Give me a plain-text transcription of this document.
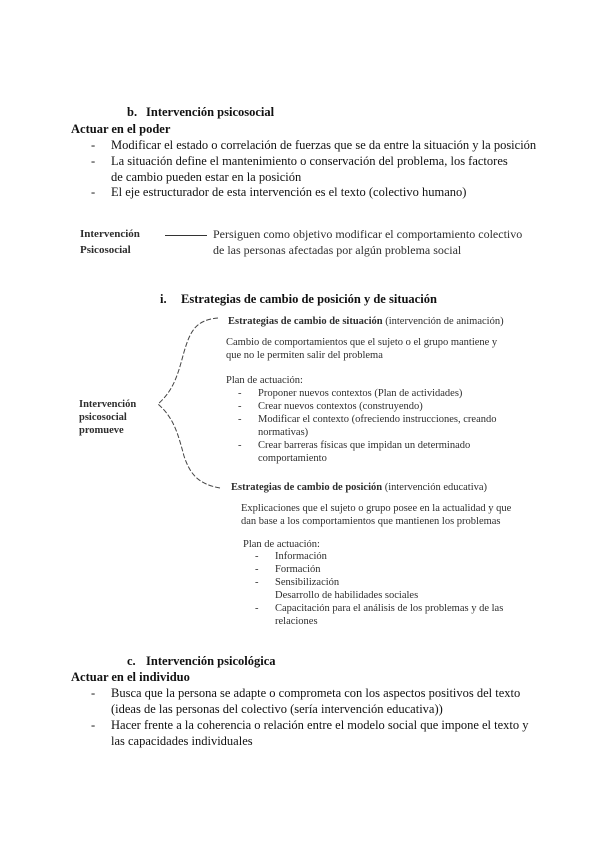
b. Intervención psicosocial
Actuar en el poder
- Modificar el estado o correlación de fuerzas que se da entre la situación y la posición
- La situación define el mantenimiento o conservación del problema, los factores de cambio pueden estar en la posición
- El eje estructurador de esta intervención es el texto (colectivo humano)
Intervención
Psicosocial
Persiguen como objetivo modificar el comportamiento colectivo
de las personas afectadas por algún problema social
i. Estrategias de cambio de posición y de situación
Intervención
psicosocial
promueve
Estrategias de cambio de situación (intervención de animación)
Cambio de comportamientos que el sujeto o el grupo mantiene y
que no le permiten salir del problema
Plan de actuación:
- Proponer nuevos contextos (Plan de actividades)
- Crear nuevos contextos (construyendo)
- Modificar el contexto (ofreciendo instrucciones, creando normativas)
- Crear barreras físicas que impidan un determinado comportamiento
Estrategias de cambio de posición (intervención educativa)
Explicaciones que el sujeto o grupo posee en la actualidad y que
dan base a los comportamientos que mantienen los problemas
Plan de actuación:
- Información
- Formación
- Sensibilización
Desarrollo de habilidades sociales
- Capacitación para el análisis de los problemas y de las relaciones
c. Intervención psicológica
Actuar en el individuo
- Busca que la persona se adapte o comprometa con los aspectos positivos del texto (ideas de las personas del colectivo (sería intervención educativa))
- Hacer frente a la coherencia o relación entre el modelo social que impone el texto y las capacidades individuales
